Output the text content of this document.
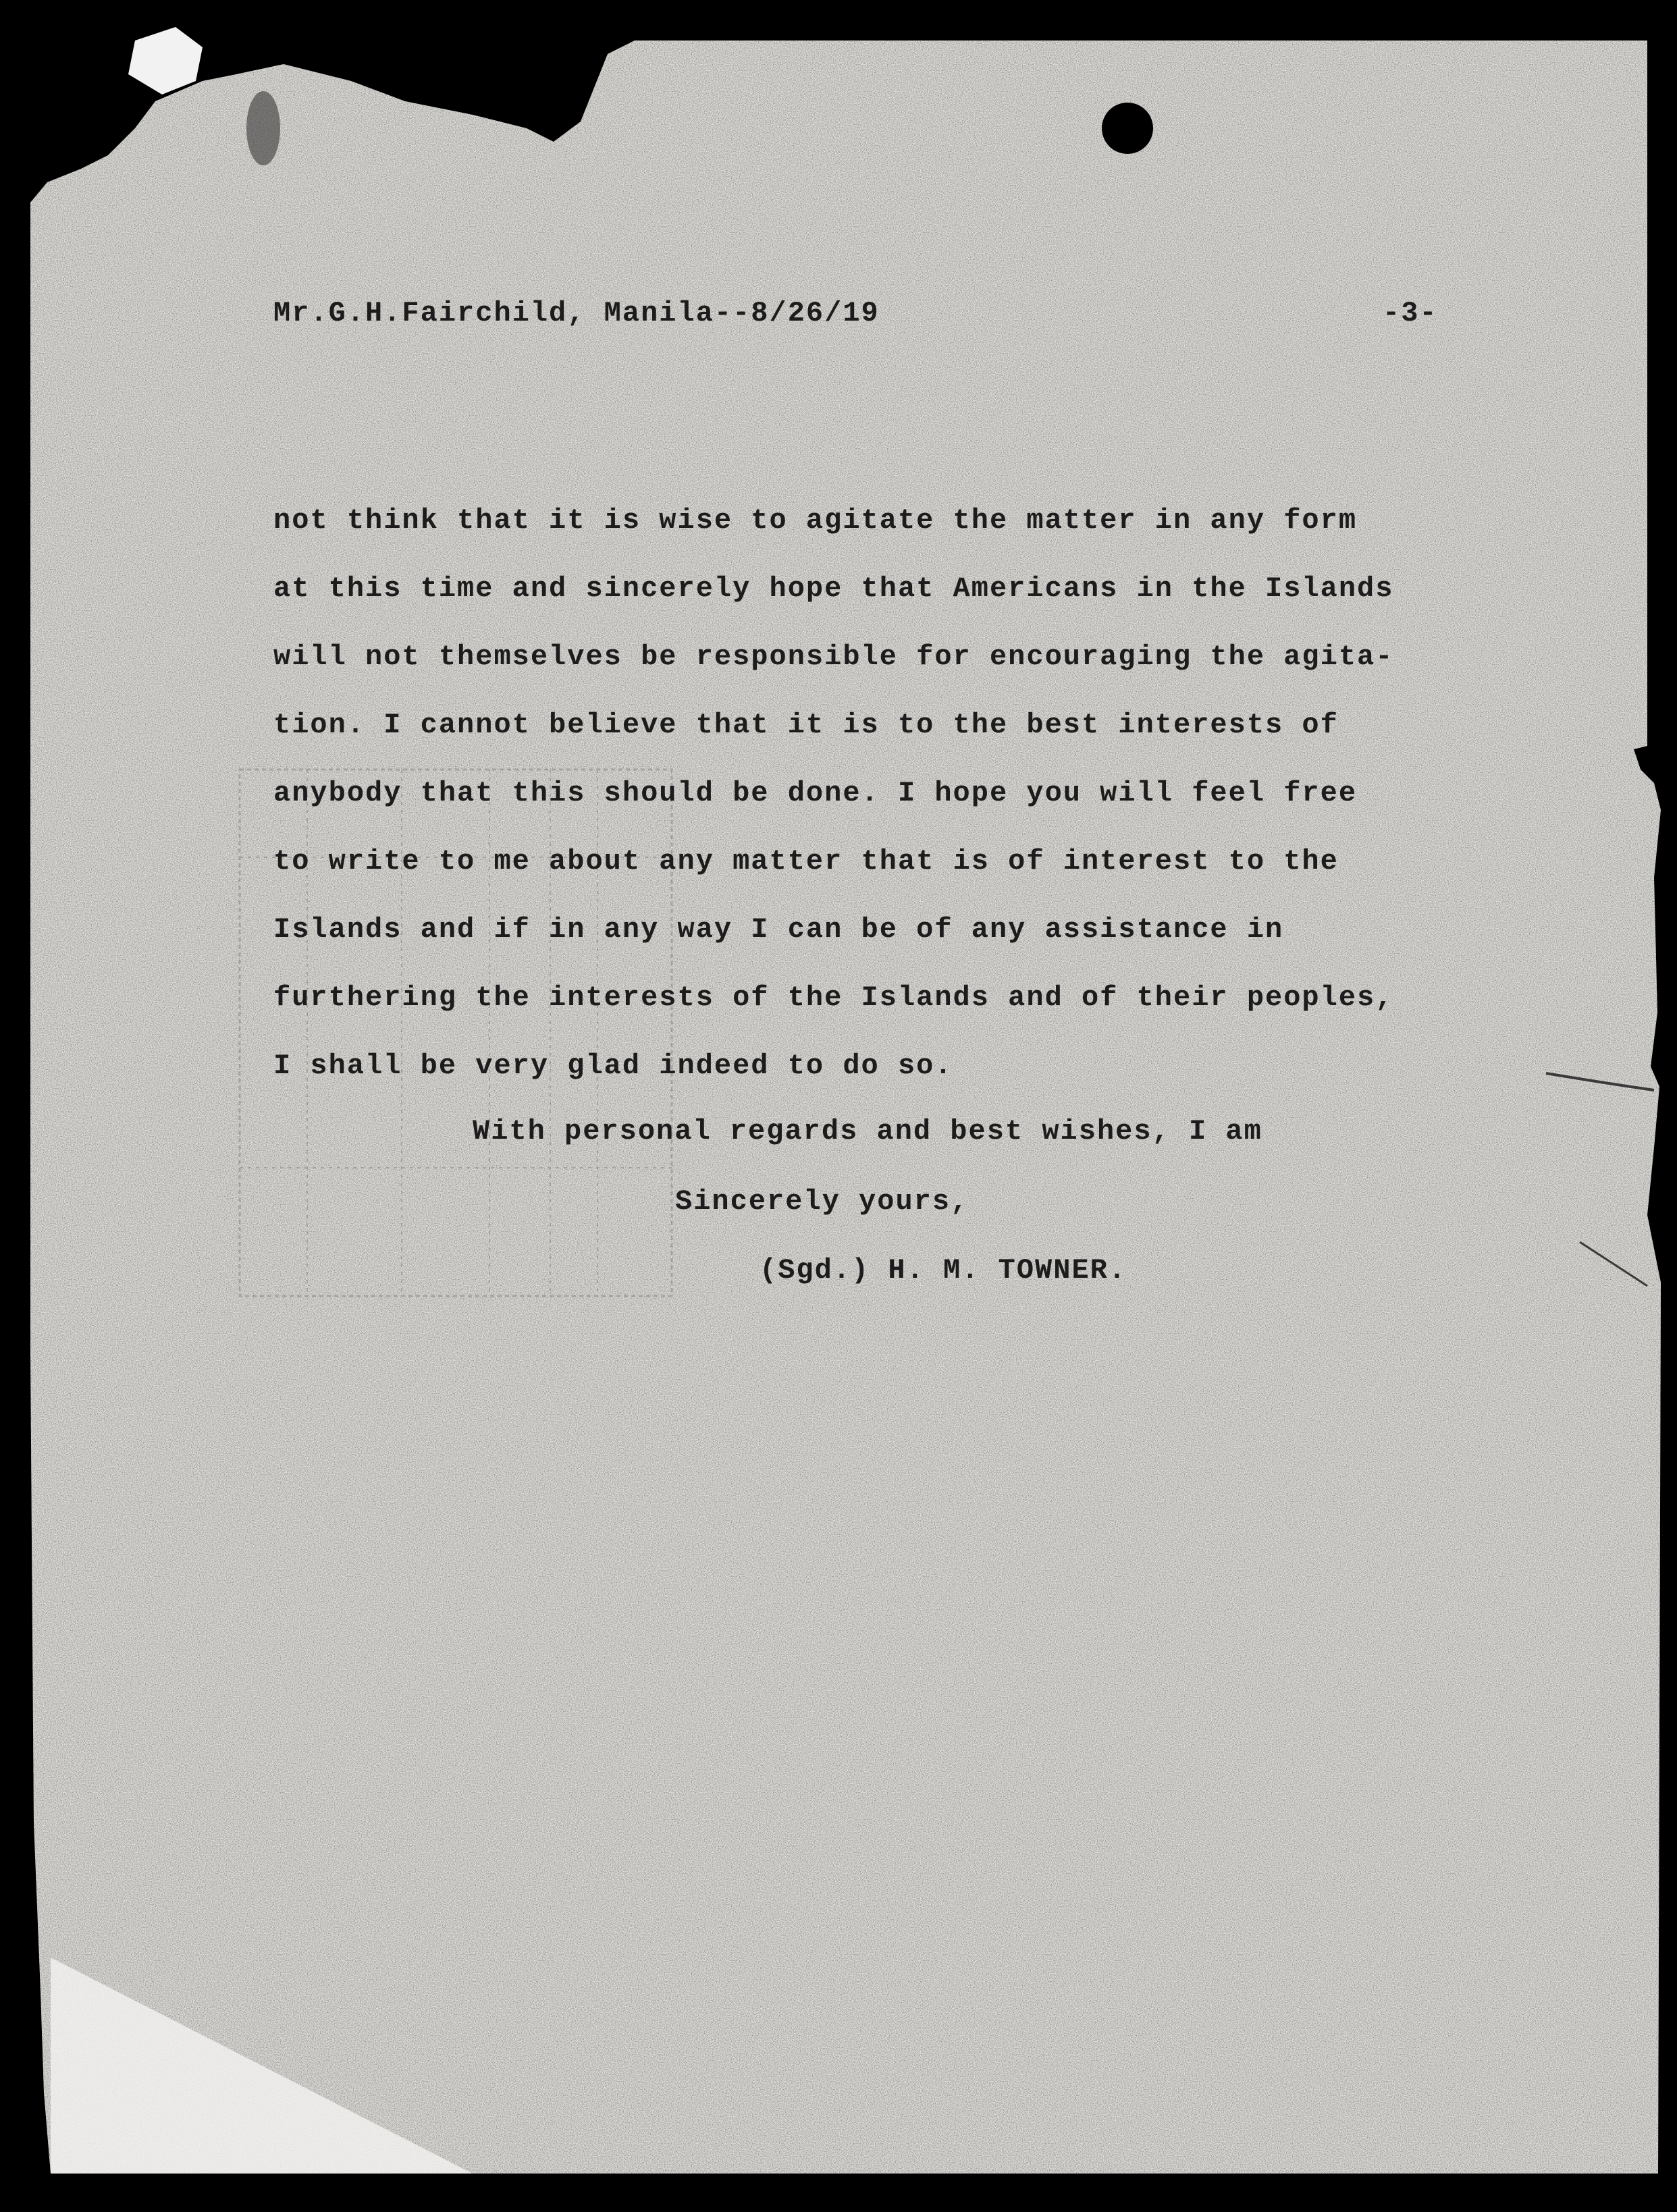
Mr.G.H.Fairchild, Manila--8/26/19	-3-
not think that it is wise to agitate the matter in any form
at this time and sincerely hope that Americans in the Islands
will not themselves be responsible for encouraging the agita-
tion. I cannot believe that it is to the best interests of
anybody that this should be done. I hope you will feel free
to write to me about any matter that is of interest to the
Islands and if in any way I can be of any assistance in
furthering the interests of the Islands and of their peoples,
I shall be very glad indeed to do so.
With personal regards and best wishes, I am
Sincerely yours,
(Sgd.) H. M. TOWNER.
